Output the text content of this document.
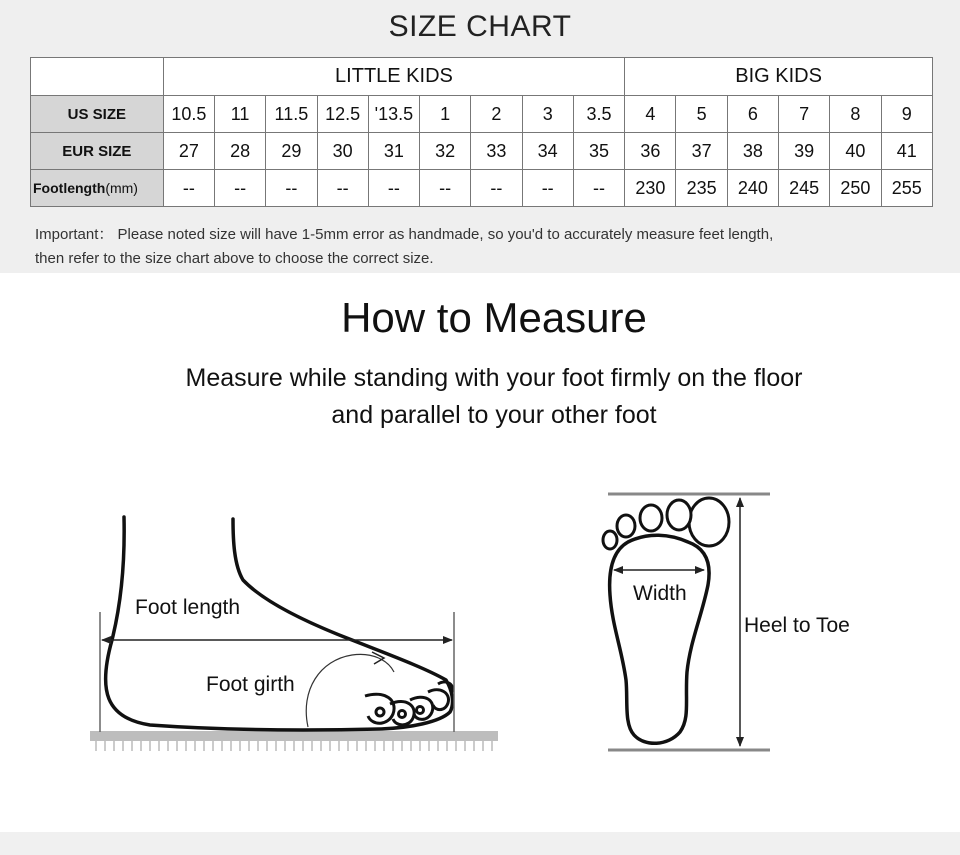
SIZE CHART
	LITTLE KIDS									BIG KIDS					
US SIZE	10.5	11	11.5	12.5	'13.5	1	2	3	3.5	4	5	6	7	8	9
EUR SIZE	27	28	29	30	31	32	33	34	35	36	37	38	39	40	41
Footlength(mm)	--	--	--	--	--	--	--	--	--	230	235	240	245	250	255
Important： Please noted size will have 1-5mm error as handmade, so you'd to accurately measure feet length,
then refer to the size chart above to choose the correct size.
How to Measure
Measure while standing with your foot firmly on the floor
and parallel to your other foot
Foot length
Foot girth
Width
Heel to Toe
